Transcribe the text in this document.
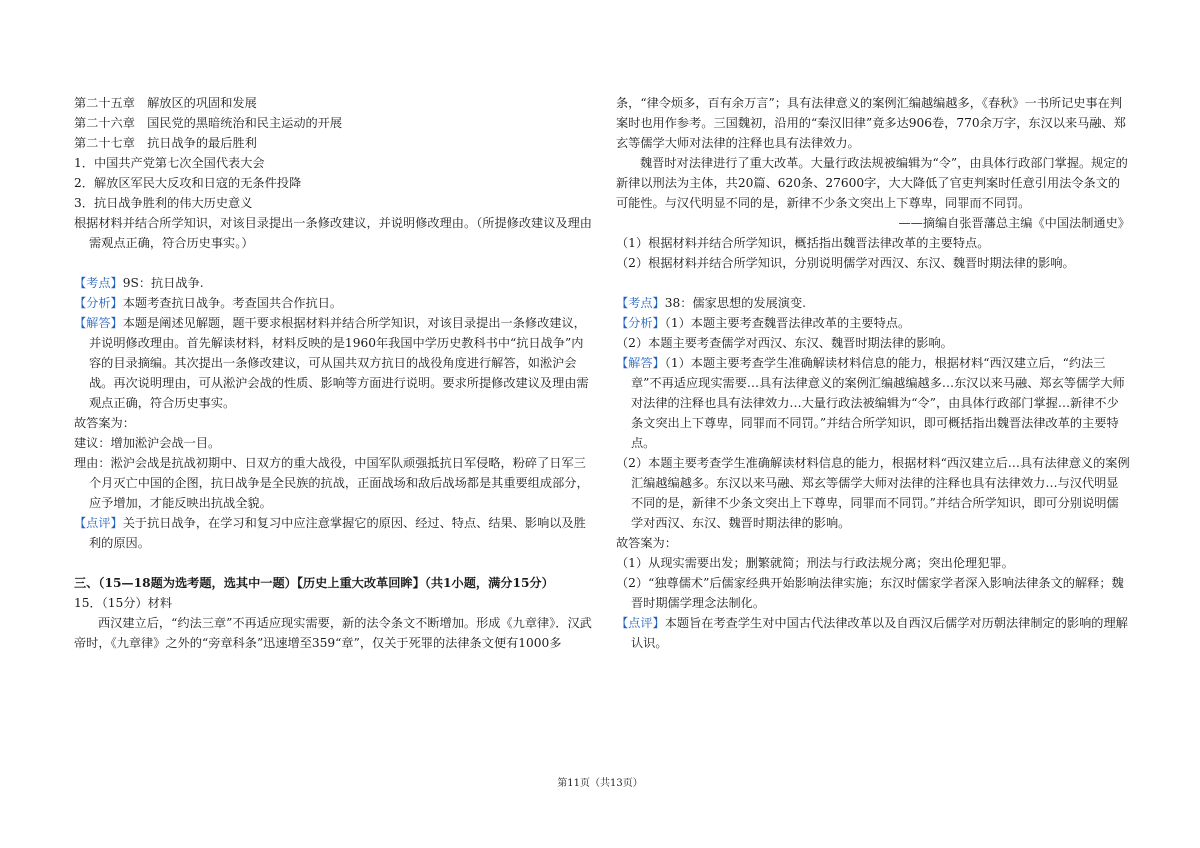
第二十五章　解放区的巩固和发展
第二十六章　国民党的黑暗统治和民主运动的开展
第二十七章　抗日战争的最后胜利
1．中国共产党第七次全国代表大会
2．解放区军民大反攻和日寇的无条件投降
3．抗日战争胜利的伟大历史意义
根据材料并结合所学知识，对该目录提出一条修改建议，并说明修改理由。（所提修改建议及理由需观点正确，符合历史事实。）
【考点】9S：抗日战争.
【分析】本题考查抗日战争。考查国共合作抗日。
【解答】本题是阐述见解题，题干要求根据材料并结合所学知识，对该目录提出一条修改建议，并说明修改理由。首先解读材料，材料反映的是1960年我国中学历史教科书中“抗日战争”内容的目录摘编。其次提出一条修改建议，可从国共双方抗日的战役角度进行解答，如淞沪会战。再次说明理由，可从淞沪会战的性质、影响等方面进行说明。要求所提修改建议及理由需观点正确，符合历史事实。
故答案为：
建议：增加淞沪会战一目。
理由：淞沪会战是抗战初期中、日双方的重大战役，中国军队顽强抵抗日军侵略，粉碎了日军三个月灭亡中国的企图，抗日战争是全民族的抗战，正面战场和敌后战场都是其重要组成部分，应予增加，才能反映出抗战全貌。
【点评】关于抗日战争，在学习和复习中应注意掌握它的原因、经过、特点、结果、影响以及胜利的原因。
三、（15—18题为选考题，选其中一题）【历史上重大改革回眸】（共1小题，满分15分）
15．（15分）材料
西汉建立后，“约法三章”不再适应现实需要，新的法令条文不断增加。形成《九章律》．汉武帝时，《九章律》之外的“旁章科条”迅速增至359“章”，仅关于死罪的法律条文便有1000多
条，“律令烦多，百有余万言”；具有法律意义的案例汇编越编越多，《春秋》一书所记史事在判案时也用作参考。三国魏初，沿用的“秦汉旧律”竟多达906卷，770余万字，东汉以来马融、郑玄等儒学大师对法律的注释也具有法律效力。
魏晋时对法律进行了重大改革。大量行政法规被编辑为“令”，由具体行政部门掌握。规定的新律以刑法为主体，共20篇、620条、27600字，大大降低了官吏判案时任意引用法令条文的可能性。与汉代明显不同的是，新律不少条文突出上下尊卑，同罪而不同罚。
——摘编自张晋藩总主编《中国法制通史》
（1）根据材料并结合所学知识，概括指出魏晋法律改革的主要特点。
（2）根据材料并结合所学知识，分别说明儒学对西汉、东汉、魏晋时期法律的影响。
【考点】38：儒家思想的发展演变.
【分析】（1）本题主要考查魏晋法律改革的主要特点。
（2）本题主要考查儒学对西汉、东汉、魏晋时期法律的影响。
【解答】（1）本题主要考查学生准确解读材料信息的能力，根据材料“西汉建立后，“约法三章”不再适应现实需要…具有法律意义的案例汇编越编越多…东汉以来马融、郑玄等儒学大师对法律的注释也具有法律效力…大量行政法被编辑为“令”，由具体行政部门掌握…新律不少条文突出上下尊卑，同罪而不同罚。”并结合所学知识，即可概括指出魏晋法律改革的主要特点。
（2）本题主要考查学生准确解读材料信息的能力，根据材料“西汉建立后…具有法律意义的案例汇编越编越多。东汉以来马融、郑玄等儒学大师对法律的注释也具有法律效力…与汉代明显不同的是，新律不少条文突出上下尊卑，同罪而不同罚。”并结合所学知识，即可分别说明儒学对西汉、东汉、魏晋时期法律的影响。
故答案为：
（1）从现实需要出发；删繁就简；刑法与行政法规分离；突出伦理犯罪。
（2）“独尊儒术”后儒家经典开始影响法律实施；东汉时儒家学者深入影响法律条文的解释；魏晋时期儒学理念法制化。
【点评】本题旨在考查学生对中国古代法律改革以及自西汉后儒学对历朝法律制定的影响的理解认识。
第11页（共13页）
